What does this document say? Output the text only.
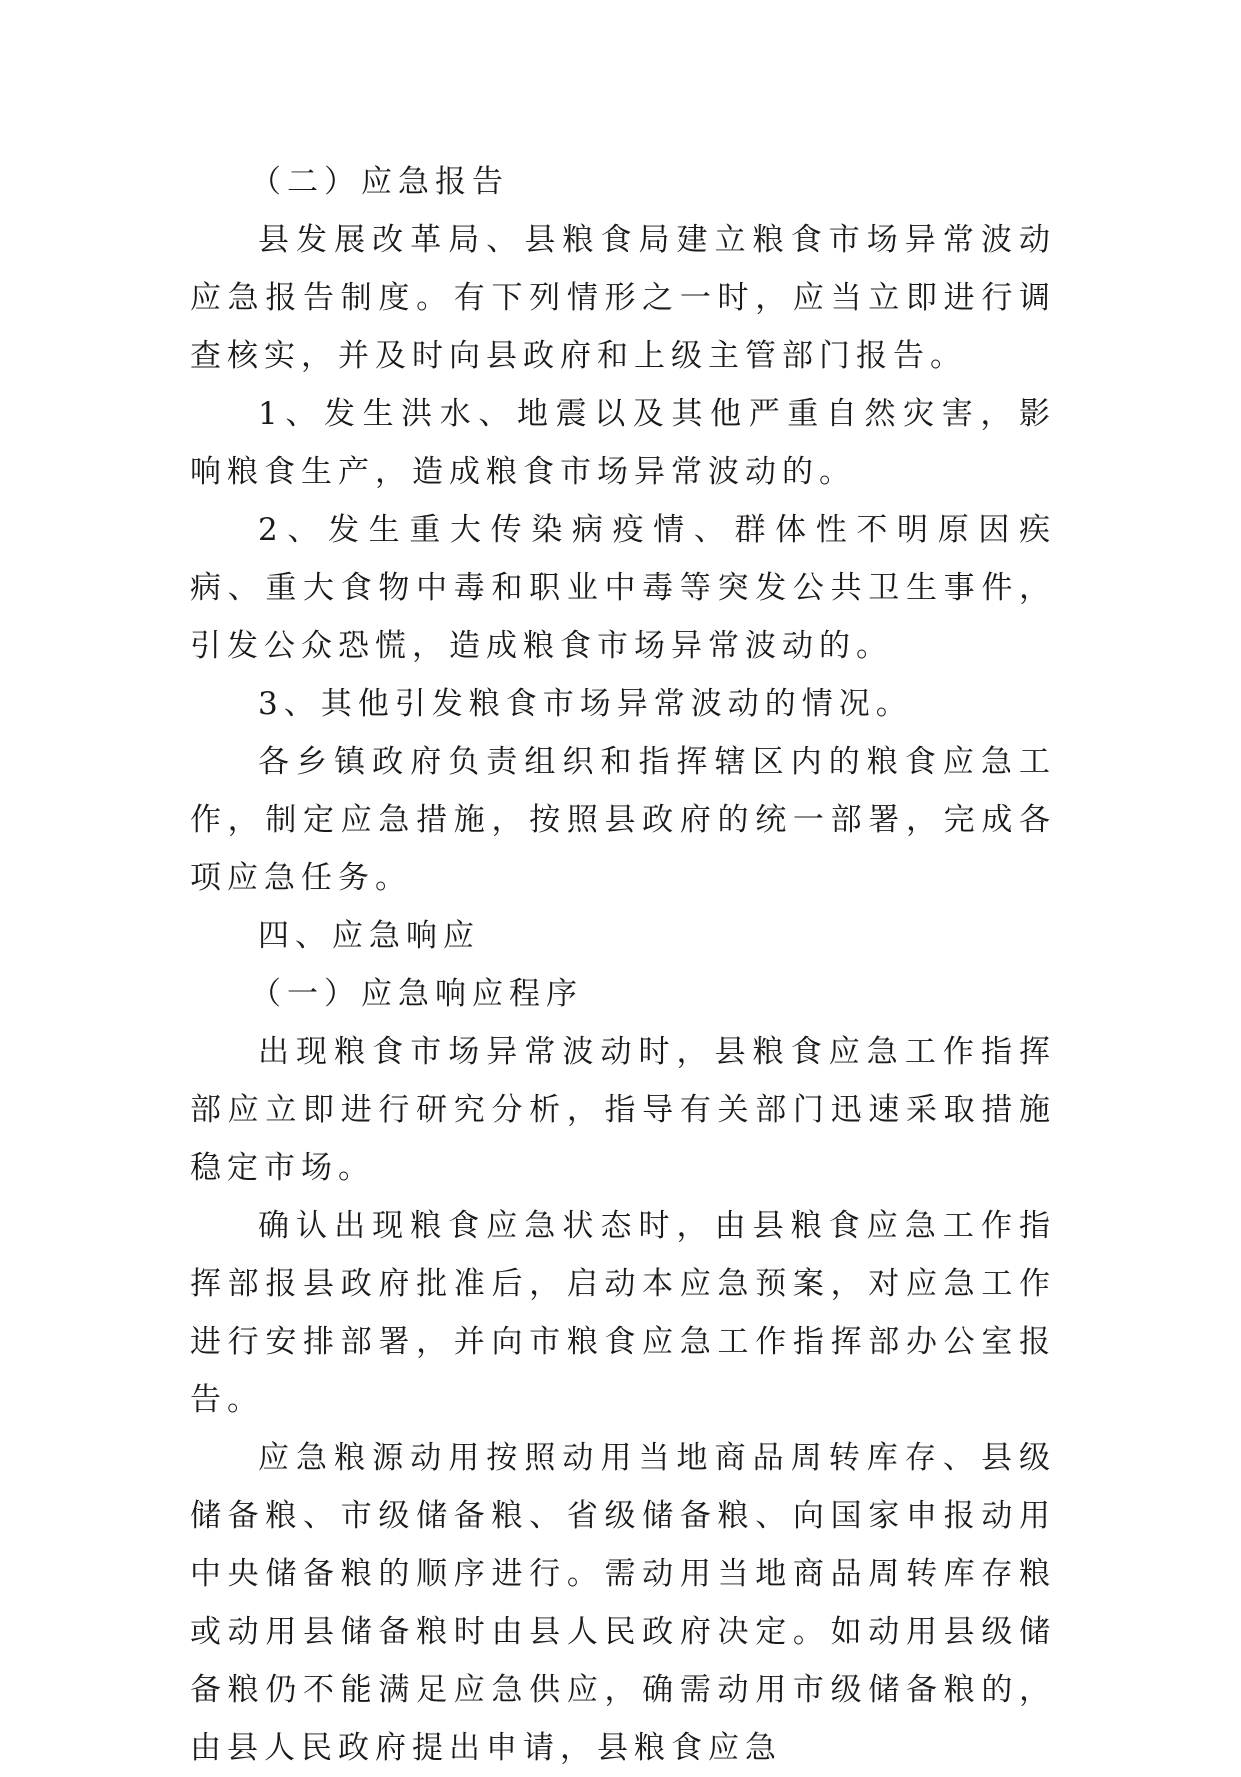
（二）应急报告

县发展改革局、县粮食局建立粮食市场异常波动应急报告制度。有下列情形之一时，应当立即进行调查核实，并及时向县政府和上级主管部门报告。

1、发生洪水、地震以及其他严重自然灾害，影响粮食生产，造成粮食市场异常波动的。

2、发生重大传染病疫情、群体性不明原因疾病、重大食物中毒和职业中毒等突发公共卫生事件，引发公众恐慌，造成粮食市场异常波动的。

3、其他引发粮食市场异常波动的情况。

各乡镇政府负责组织和指挥辖区内的粮食应急工作，制定应急措施，按照县政府的统一部署，完成各项应急任务。

四、应急响应

（一）应急响应程序

出现粮食市场异常波动时，县粮食应急工作指挥部应立即进行研究分析，指导有关部门迅速采取措施稳定市场。

确认出现粮食应急状态时，由县粮食应急工作指挥部报县政府批准后，启动本应急预案，对应急工作进行安排部署，并向市粮食应急工作指挥部办公室报告。

应急粮源动用按照动用当地商品周转库存、县级储备粮、市级储备粮、省级储备粮、向国家申报动用中央储备粮的顺序进行。需动用当地商品周转库存粮或动用县储备粮时由县人民政府决定。如动用县级储备粮仍不能满足应急供应，确需动用市级储备粮的，由县人民政府提出申请，县粮食应急
